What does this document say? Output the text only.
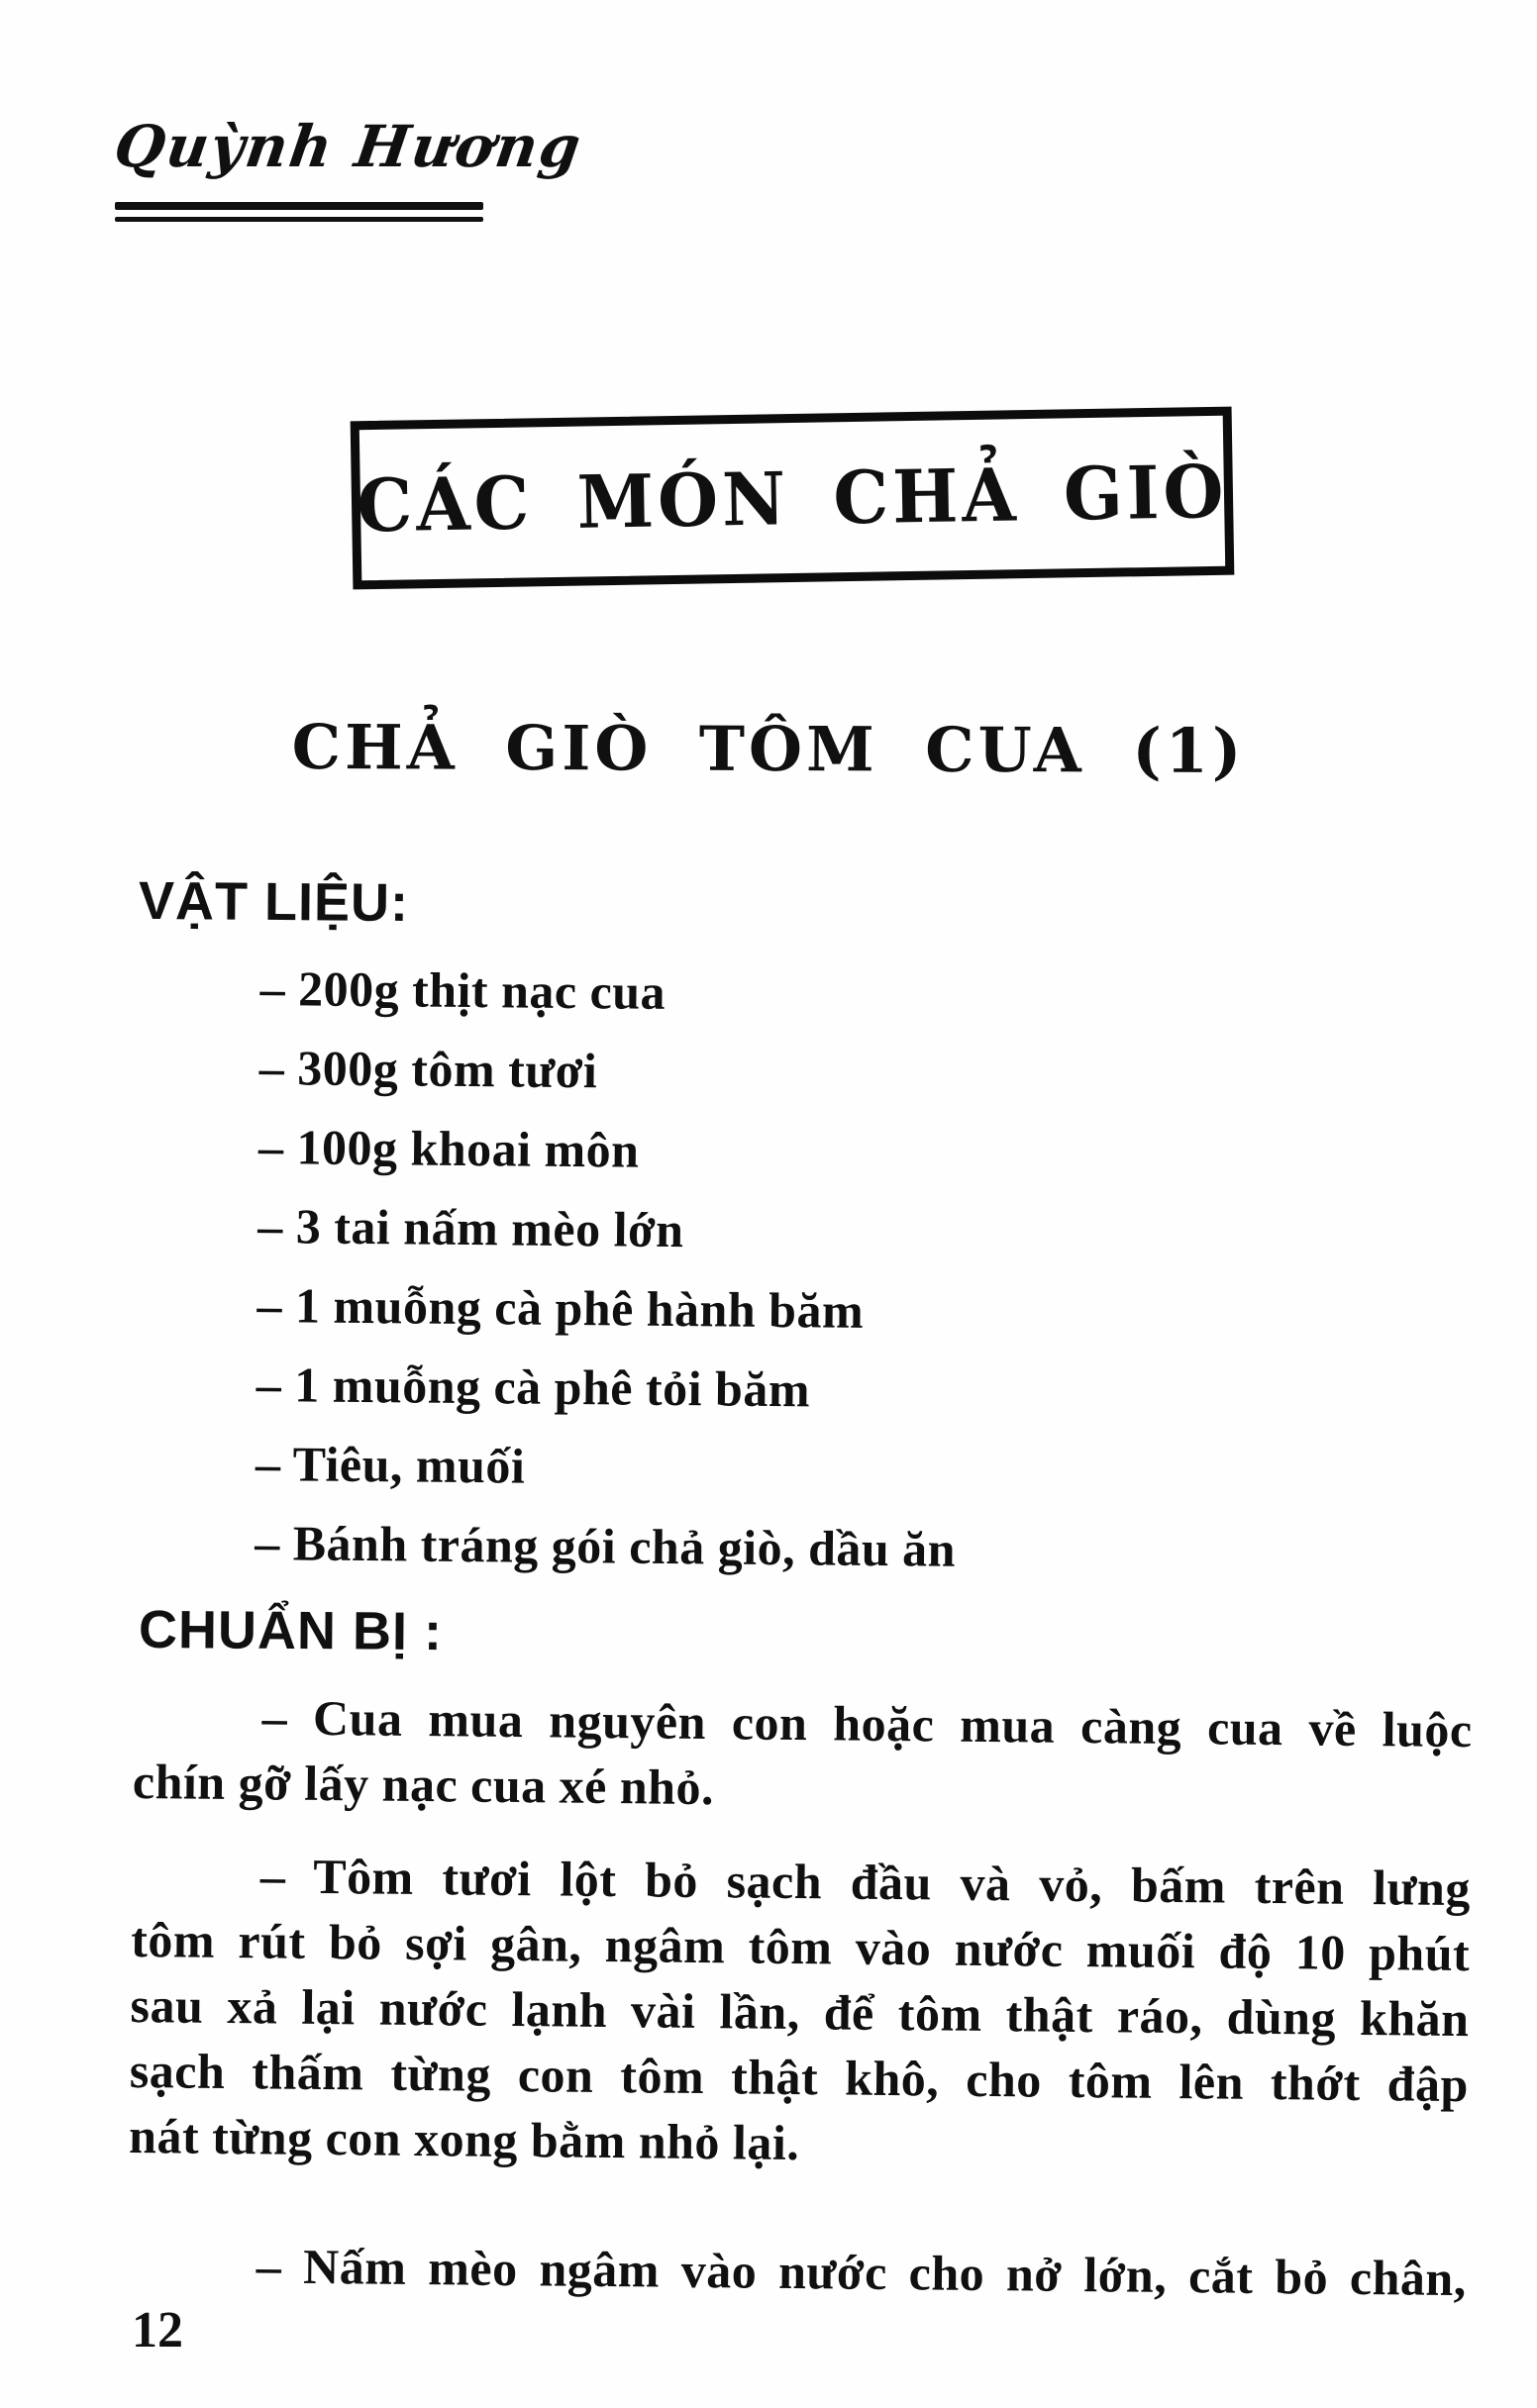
Quỳnh Hương
CÁC MÓN CHẢ GIÒ
CHẢ GIÒ TÔM CUA (1)
VẬT LIỆU:
– 200g thịt nạc cua
– 300g tôm tươi
– 100g khoai môn
– 3 tai nấm mèo lớn
– 1 muỗng cà phê hành băm
– 1 muỗng cà phê tỏi băm
– Tiêu, muối
– Bánh tráng gói chả giò, dầu ăn
CHUẨN BỊ :
– Cua mua nguyên con hoặc mua càng cua về luộc
chín gỡ lấy nạc cua xé nhỏ.
– Tôm tươi lột bỏ sạch đầu và vỏ, bấm trên lưng
tôm rút bỏ sợi gân, ngâm tôm vào nước muối độ 10 phút
sau xả lại nước lạnh vài lần, để tôm thật ráo, dùng khăn
sạch thấm từng con tôm thật khô, cho tôm lên thớt đập
nát từng con xong bằm nhỏ lại.
– Nấm mèo ngâm vào nước cho nở lớn, cắt bỏ chân,
12
